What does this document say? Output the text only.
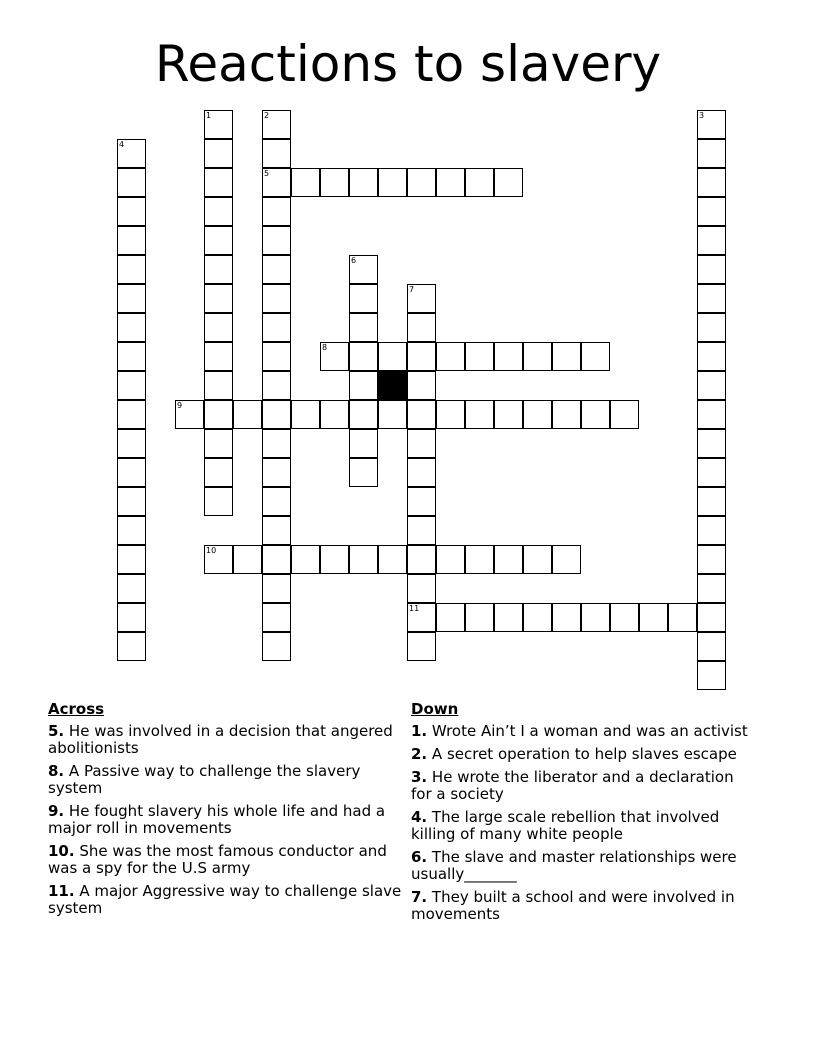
Reactions to slavery
1	2
5
3
4
6
7
11
8
9
10
Across
5. He was involved in a decision that angered abolitionists
8. A Passive way to challenge the slavery system
9. He fought slavery his whole life and had a major roll in movements
10. She was the most famous conductor and was a spy for the U.S army
11. A major Aggressive way to challenge slave system
Down
1. Wrote Ain’t I a woman and was an activist
2. A secret operation to help slaves escape
3. He wrote the liberator and a declaration for a society
4. The large scale rebellion that involved killing of many white people
6. The slave and master relationships were usually_______
7. They built a school and were involved in movements
